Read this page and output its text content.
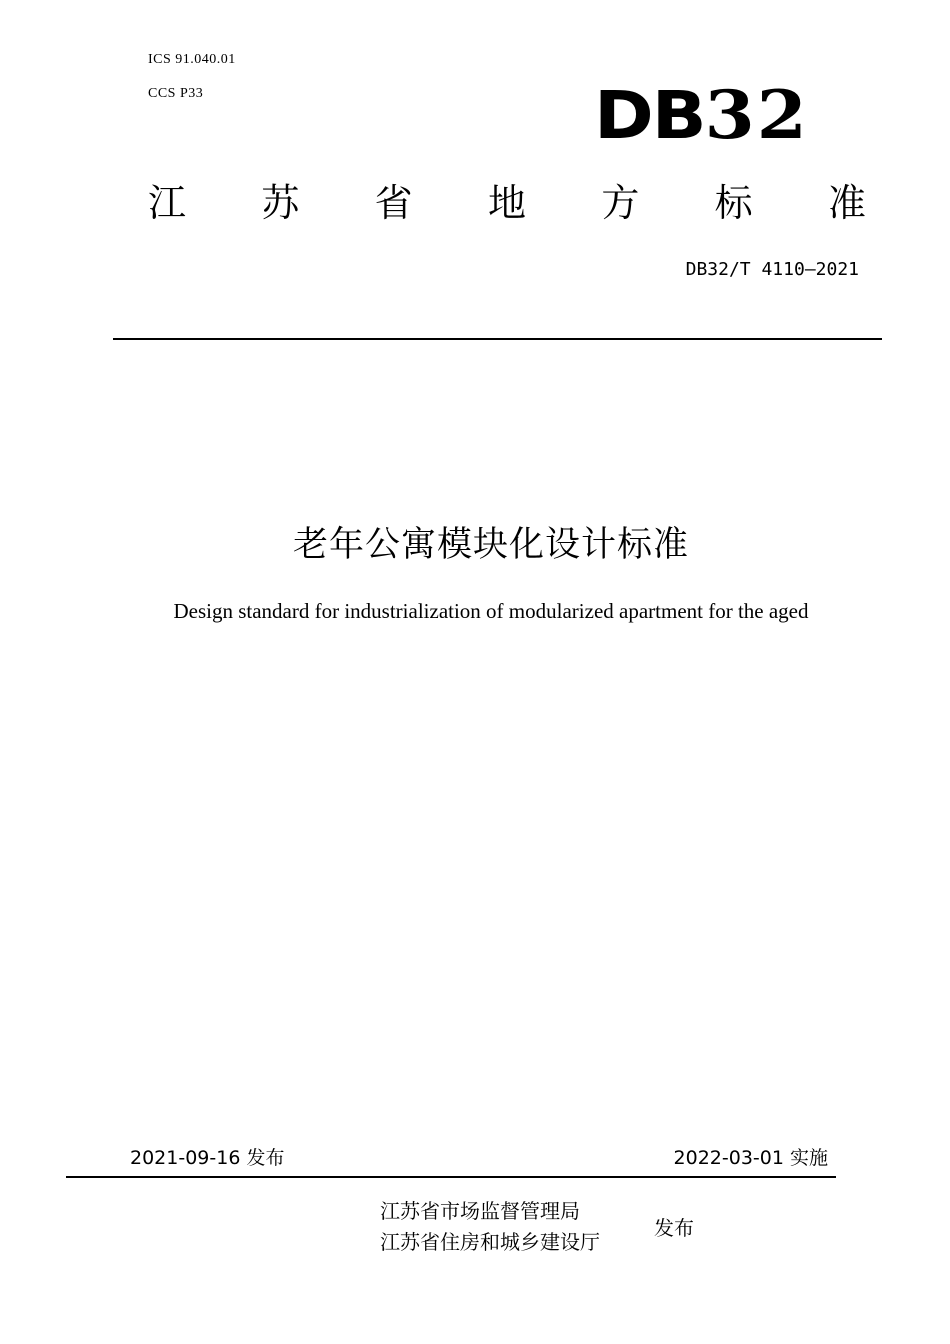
ICS 91.040.01
CCS P33	DB32
江 苏 省 地 方 标 准
DB32/T 4110—2021
老年公寓模块化设计标准
Design standard for industrialization of modularized apartment for the aged
2021-09-16 发布	2022-03-01 实施
江苏省市场监督管理局
江苏省住房和城乡建设厅
发布
